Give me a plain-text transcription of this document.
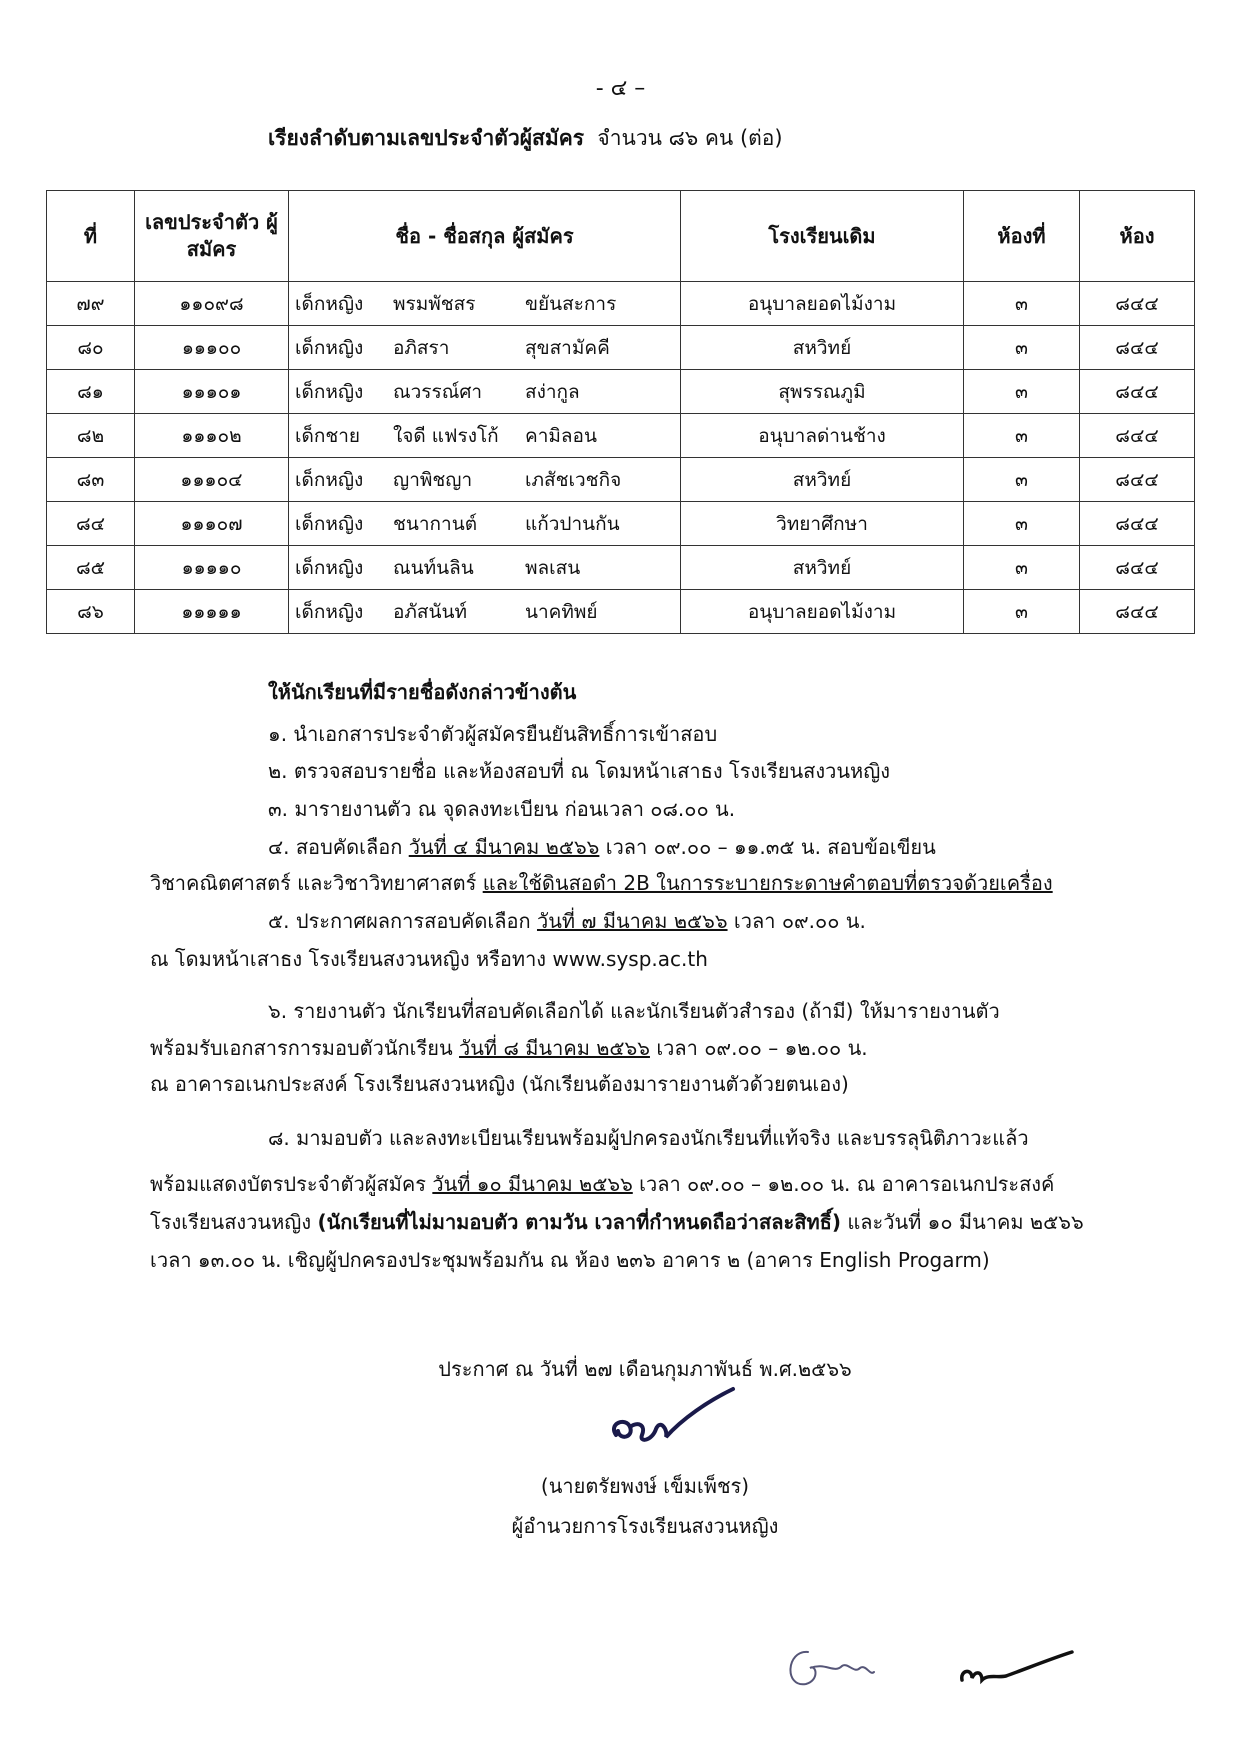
- ๔ –
เรียงลำดับตามเลขประจำตัวผู้สมัคร จำนวน ๘๖ คน (ต่อ)
ที่	เลขประจำตัว ผู้สมัคร	ชื่อ - ชื่อสกุล ผู้สมัคร	โรงเรียนเดิม	ห้องที่	ห้อง
๗๙	๑๑๐๙๘	เด็กหญิง พรมพัชสร ขยันสะการ	อนุบาลยอดไม้งาม	๓	๘๔๔
๘๐	๑๑๑๐๐	เด็กหญิง อภิสรา สุขสามัคคี	สหวิทย์	๓	๘๔๔
๘๑	๑๑๑๐๑	เด็กหญิง ณวรรณ์ศา สง่ากูล	สุพรรณภูมิ	๓	๘๔๔
๘๒	๑๑๑๐๒	เด็กชาย ใจดี แฟรงโก้ คามิลอน	อนุบาลด่านช้าง	๓	๘๔๔
๘๓	๑๑๑๐๔	เด็กหญิง ญาพิชญา เภสัชเวชกิจ	สหวิทย์	๓	๘๔๔
๘๔	๑๑๑๐๗	เด็กหญิง ชนากานต์ แก้วปานกัน	วิทยาศึกษา	๓	๘๔๔
๘๕	๑๑๑๑๐	เด็กหญิง ณนท์นลิน พลเสน	สหวิทย์	๓	๘๔๔
๘๖	๑๑๑๑๑	เด็กหญิง อภัสนันท์ นาคทิพย์	อนุบาลยอดไม้งาม	๓	๘๔๔
ให้นักเรียนที่มีรายชื่อดังกล่าวข้างต้น
๑. นำเอกสารประจำตัวผู้สมัครยืนยันสิทธิ์การเข้าสอบ
๒. ตรวจสอบรายชื่อ และห้องสอบที่ ณ โดมหน้าเสาธง โรงเรียนสงวนหญิง
๓. มารายงานตัว ณ จุดลงทะเบียน ก่อนเวลา ๐๘.๐๐ น.
๔. สอบคัดเลือก วันที่ ๔ มีนาคม ๒๕๖๖ เวลา ๐๙.๐๐ – ๑๑.๓๕ น. สอบข้อเขียน
วิชาคณิตศาสตร์ และวิชาวิทยาศาสตร์ และใช้ดินสอดำ 2B ในการระบายกระดาษคำตอบที่ตรวจด้วยเครื่อง
๕. ประกาศผลการสอบคัดเลือก วันที่ ๗ มีนาคม ๒๕๖๖ เวลา ๐๙.๐๐ น.
ณ โดมหน้าเสาธง โรงเรียนสงวนหญิง หรือทาง www.sysp.ac.th
๖. รายงานตัว นักเรียนที่สอบคัดเลือกได้ และนักเรียนตัวสำรอง (ถ้ามี) ให้มารายงานตัว
พร้อมรับเอกสารการมอบตัวนักเรียน วันที่ ๘ มีนาคม ๒๕๖๖ เวลา ๐๙.๐๐ – ๑๒.๐๐ น.
ณ อาคารอเนกประสงค์ โรงเรียนสงวนหญิง (นักเรียนต้องมารายงานตัวด้วยตนเอง)
๘. มามอบตัว และลงทะเบียนเรียนพร้อมผู้ปกครองนักเรียนที่แท้จริง และบรรลุนิติภาวะแล้ว
พร้อมแสดงบัตรประจำตัวผู้สมัคร วันที่ ๑๐ มีนาคม ๒๕๖๖ เวลา ๐๙.๐๐ – ๑๒.๐๐ น. ณ อาคารอเนกประสงค์
โรงเรียนสงวนหญิง (นักเรียนที่ไม่มามอบตัว ตามวัน เวลาที่กำหนดถือว่าสละสิทธิ์) และวันที่ ๑๐ มีนาคม ๒๕๖๖
เวลา ๑๓.๐๐ น. เชิญผู้ปกครองประชุมพร้อมกัน ณ ห้อง ๒๓๖ อาคาร ๒ (อาคาร English Progarm)
ประกาศ ณ วันที่ ๒๗ เดือนกุมภาพันธ์ พ.ศ.๒๕๖๖
(นายตรัยพงษ์ เข็มเพ็ชร)
ผู้อำนวยการโรงเรียนสงวนหญิง
